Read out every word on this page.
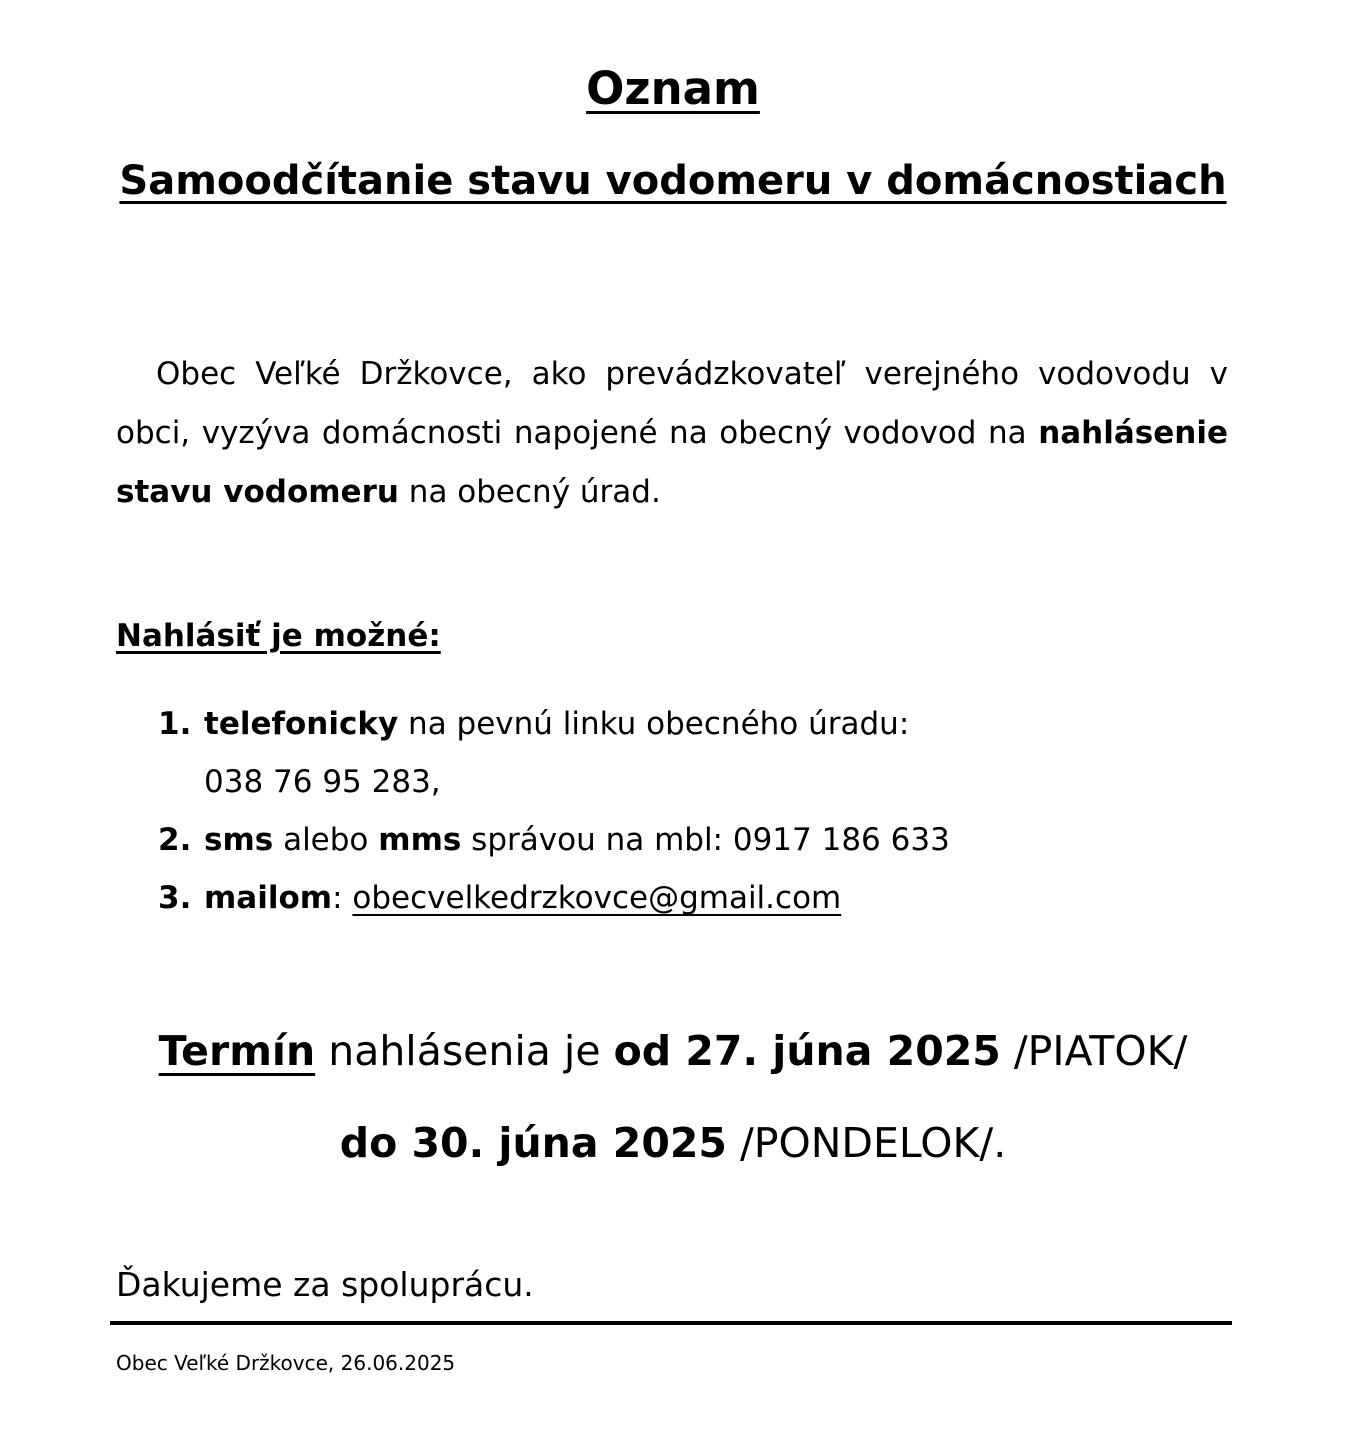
Oznam
Samoodčítanie stavu vodomeru v domácnostiach
Obec Veľké Držkovce, ako prevádzkovateľ verejného vodovodu v obci, vyzýva domácnosti napojené na obecný vodovod na nahlásenie stavu vodomeru na obecný úrad.
Nahlásiť je možné:
1. telefonicky na pevnú linku obecného úradu:
038 76 95 283,
2. sms alebo mms správou na mbl: 0917 186 633
3. mailom: obecvelkedrzkovce@gmail.com
Termín nahlásenia je od 27. júna 2025 /PIATOK/
do 30. júna 2025 /PONDELOK/.
Ďakujeme za spoluprácu.
Obec Veľké Držkovce, 26.06.2025
